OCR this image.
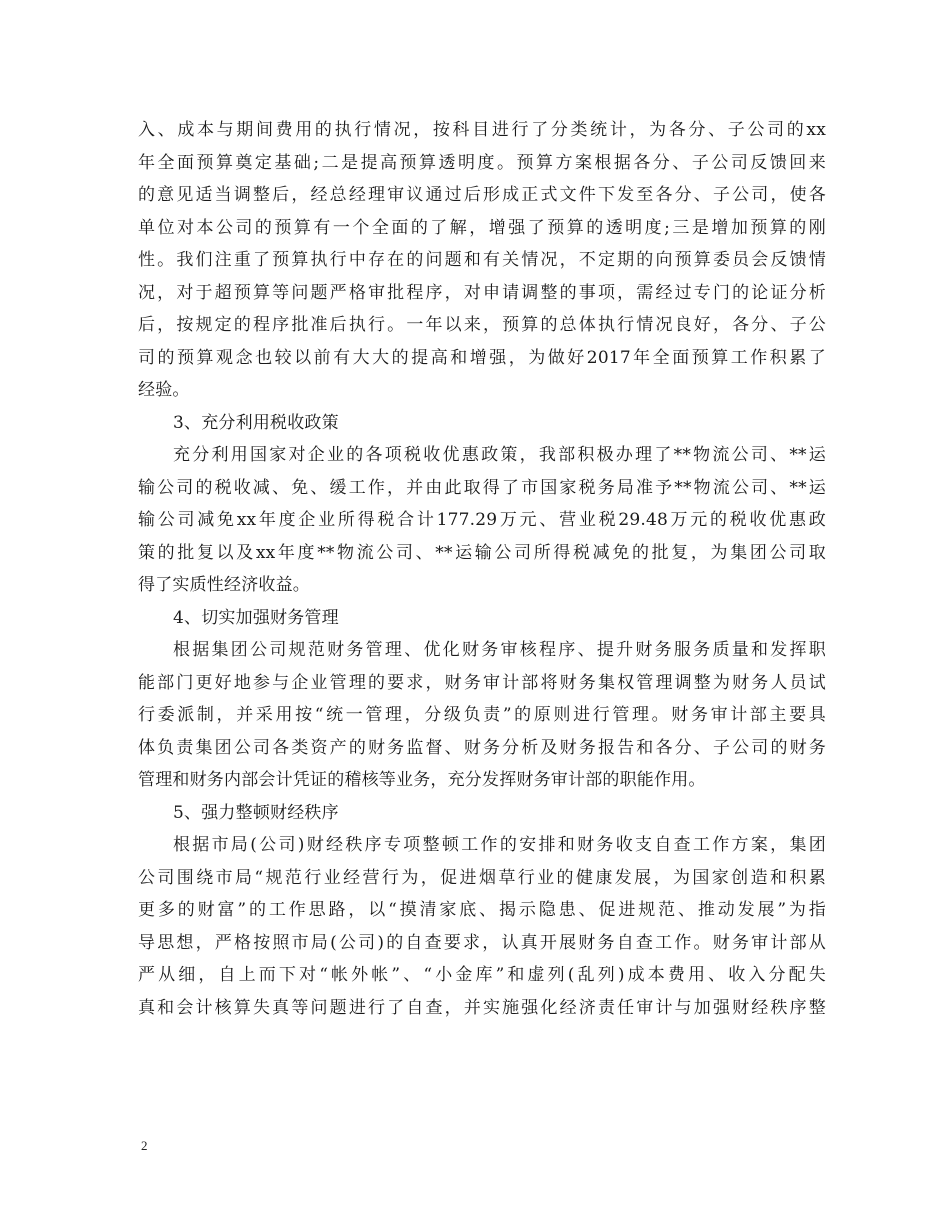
入、成本与期间费用的执行情况，按科目进行了分类统计，为各分、子公司的xx
年全面预算奠定基础;二是提高预算透明度。预算方案根据各分、子公司反馈回来
的意见适当调整后，经总经理审议通过后形成正式文件下发至各分、子公司，使各
单位对本公司的预算有一个全面的了解，增强了预算的透明度;三是增加预算的刚
性。我们注重了预算执行中存在的问题和有关情况，不定期的向预算委员会反馈情
况，对于超预算等问题严格审批程序，对申请调整的事项，需经过专门的论证分析
后，按规定的程序批准后执行。一年以来，预算的总体执行情况良好，各分、子公
司的预算观念也较以前有大大的提高和增强，为做好2017年全面预算工作积累了
经验。
3、充分利用税收政策
充分利用国家对企业的各项税收优惠政策，我部积极办理了**物流公司、**运
输公司的税收减、免、缓工作，并由此取得了市国家税务局准予**物流公司、**运
输公司减免xx年度企业所得税合计177.29万元、营业税29.48万元的税收优惠政
策的批复以及xx年度**物流公司、**运输公司所得税减免的批复，为集团公司取
得了实质性经济收益。
4、切实加强财务管理
根据集团公司规范财务管理、优化财务审核程序、提升财务服务质量和发挥职
能部门更好地参与企业管理的要求，财务审计部将财务集权管理调整为财务人员试
行委派制，并采用按“统一管理，分级负责”的原则进行管理。财务审计部主要具
体负责集团公司各类资产的财务监督、财务分析及财务报告和各分、子公司的财务
管理和财务内部会计凭证的稽核等业务，充分发挥财务审计部的职能作用。
5、强力整顿财经秩序
根据市局(公司)财经秩序专项整顿工作的安排和财务收支自查工作方案，集团
公司围绕市局“规范行业经营行为，促进烟草行业的健康发展，为国家创造和积累
更多的财富”的工作思路，以“摸清家底、揭示隐患、促进规范、推动发展”为指
导思想，严格按照市局(公司)的自查要求，认真开展财务自查工作。财务审计部从
严从细，自上而下对“帐外帐”、“小金库”和虚列(乱列)成本费用、收入分配失
真和会计核算失真等问题进行了自查，并实施强化经济责任审计与加强财经秩序整
2
